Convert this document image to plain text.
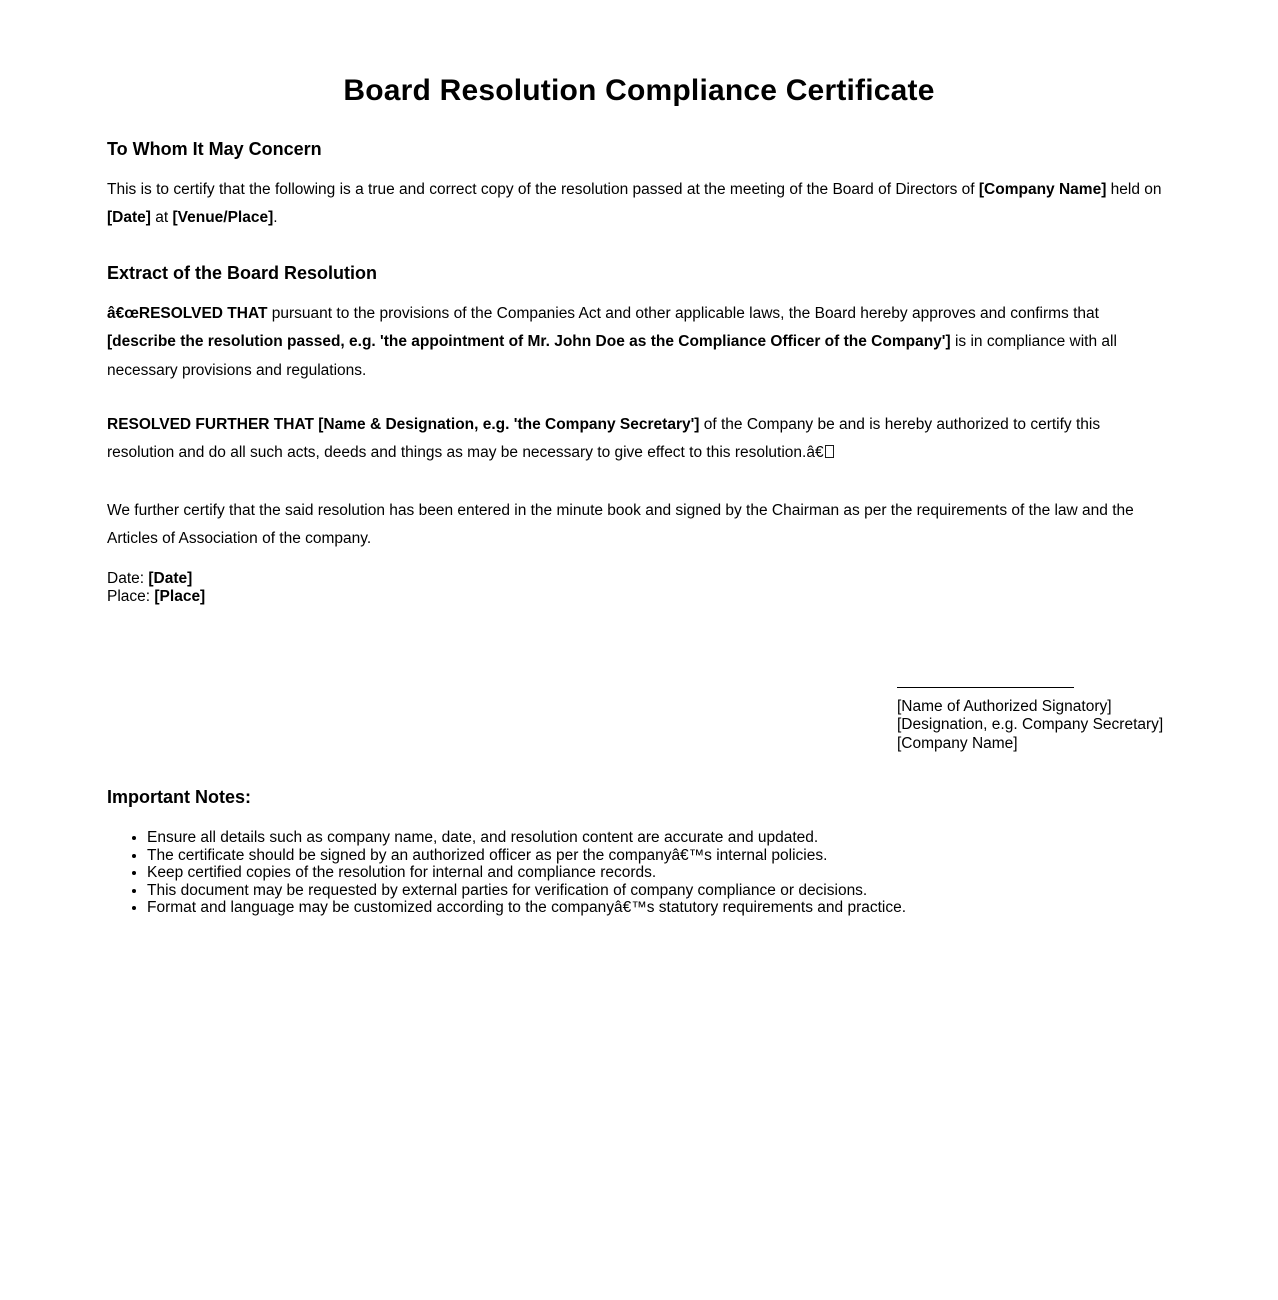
Board Resolution Compliance Certificate
To Whom It May Concern

This is to certify that the following is a true and correct copy of the resolution passed at the meeting of the Board of Directors of [Company Name] held on [Date] at [Venue/Place].

Extract of the Board Resolution

â€œRESOLVED THAT pursuant to the provisions of the Companies Act and other applicable laws, the Board hereby approves and confirms that [describe the resolution passed, e.g. 'the appointment of Mr. John Doe as the Compliance Officer of the Company'] is in compliance with all necessary provisions and regulations.

RESOLVED FURTHER THAT [Name & Designation, e.g. 'the Company Secretary'] of the Company be and is hereby authorized to certify this resolution and do all such acts, deeds and things as may be necessary to give effect to this resolution.â€

We further certify that the said resolution has been entered in the minute book and signed by the Chairman as per the requirements of the law and the Articles of Association of the company.

Date: [Date]
Place: [Place]

[Name of Authorized Signatory]
[Designation, e.g. Company Secretary]
[Company Name]
Important Notes:
• Ensure all details such as company name, date, and resolution content are accurate and updated.
• The certificate should be signed by an authorized officer as per the companyâ€™s internal policies.
• Keep certified copies of the resolution for internal and compliance records.
• This document may be requested by external parties for verification of company compliance or decisions.
• Format and language may be customized according to the companyâ€™s statutory requirements and practice.
